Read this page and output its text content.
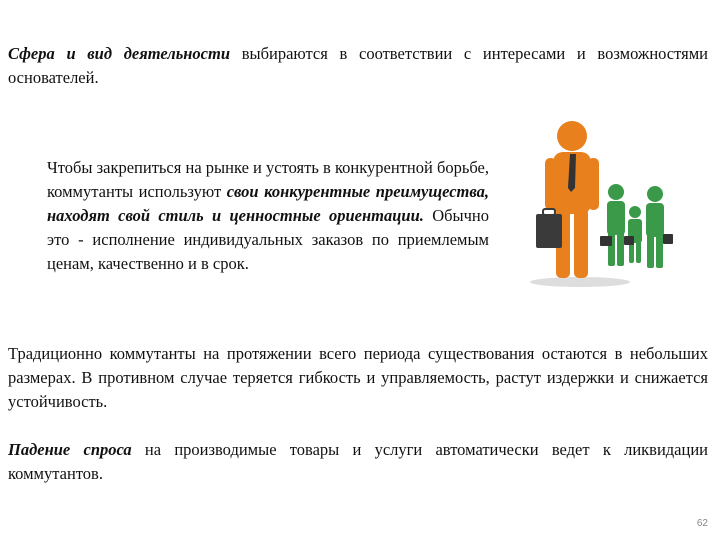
Сфера и вид деятельности выбираются в соответствии с интересами и возможностями основателей.
Чтобы закрепиться на рынке и устоять в конкурентной борьбе, коммутанты используют свои конкурентные преимущества, находят свой стиль и ценностные ориентации. Обычно это - исполнение индивидуальных заказов по приемлемым ценам, качественно и в срок.
Традиционно коммутанты на протяжении всего периода существования остаются в небольших размерах. В противном случае теряется гибкость и управляемость, растут издержки и снижается устойчивость.
Падение спроса на производимые товары и услуги автоматически ведет к ликвидации коммутантов.
62
